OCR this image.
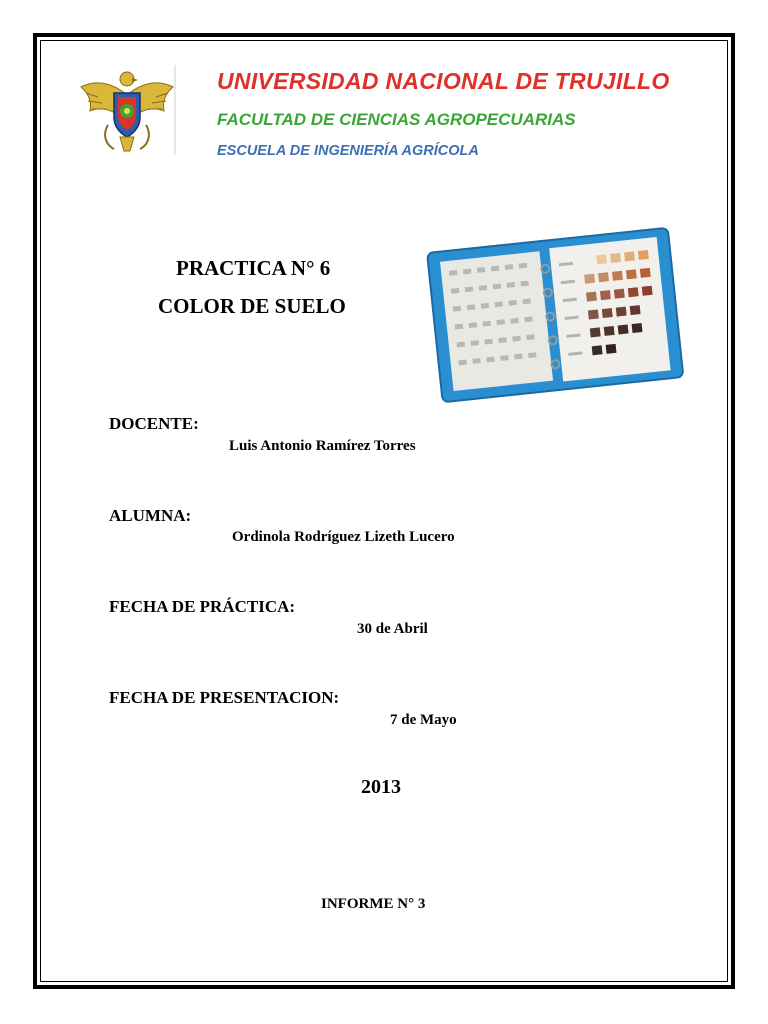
UNIVERSIDAD NACIONAL DE TRUJILLO
FACULTAD DE CIENCIAS AGROPECUARIAS
ESCUELA DE INGENIERÍA AGRÍCOLA
PRACTICA N° 6
COLOR DE SUELO
DOCENTE:
Luis Antonio Ramírez Torres
ALUMNA:
Ordinola Rodríguez Lizeth Lucero
FECHA DE PRÁCTICA:
30 de Abril
FECHA DE PRESENTACION:
7 de Mayo
2013
INFORME N° 3
